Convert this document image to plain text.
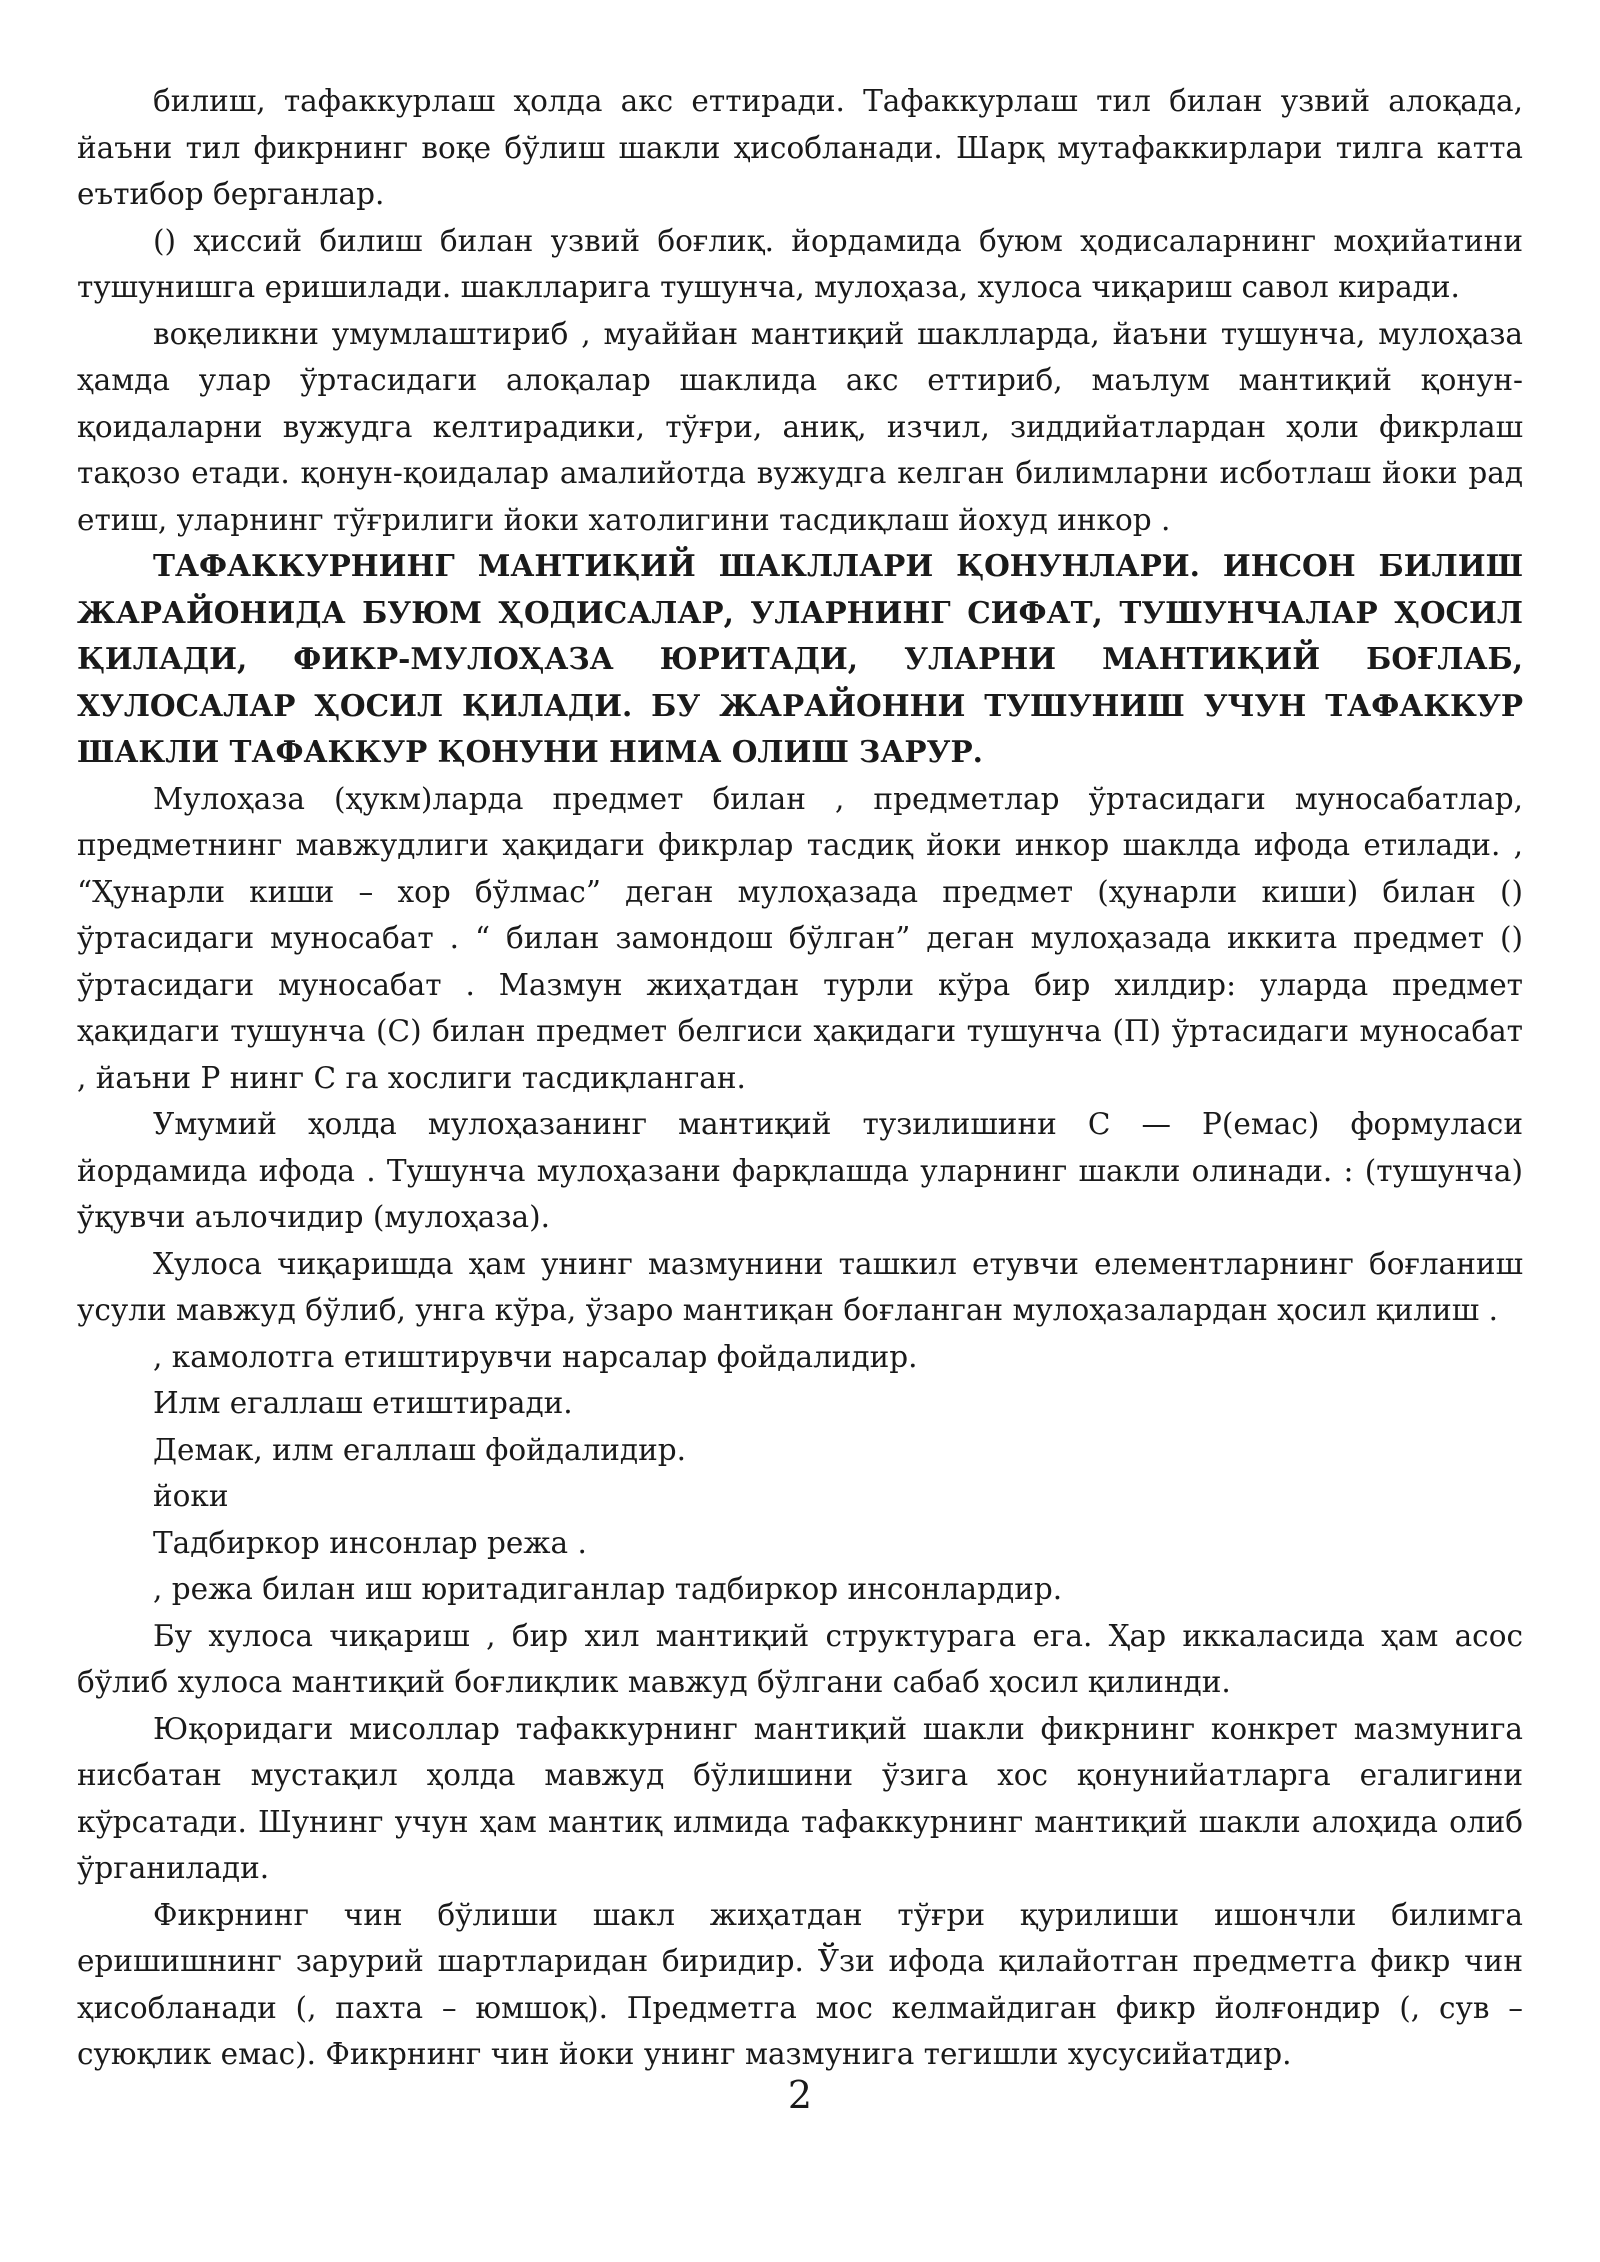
билиш, тафаккурлаш ҳолда акс еттиради. Тафаккурлаш тил билан узвий алоқада, йаъни тил фикрнинг воқе бўлиш шакли ҳисобланади. Шарқ мутафаккирлари тилга катта еътибор берганлар.

() ҳиссий билиш билан узвий боғлиқ. йордамида буюм ҳодисаларнинг моҳийатини тушунишга еришилади. шаклларига тушунча, мулоҳаза, хулоса чиқариш савол киради.

воқеликни умумлаштириб , муаййан мантиқий шаклларда, йаъни тушунча, мулоҳаза ҳамда улар ўртасидаги алоқалар шаклида акс еттириб, маълум мантиқий қонун-қоидаларни вужудга келтирадики, тўғри, аниқ, изчил, зиддийатлардан ҳоли фикрлаш тақозо етади. қонун-қоидалар амалийотда вужудга келган билимларни исботлаш йоки рад етиш, уларнинг тўғрилиги йоки хатолигини тасдиқлаш йохуд инкор .

ТАФАККУРНИНГ МАНТИҚИЙ ШАКЛЛАРИ ҚОНУНЛАРИ. ИНСОН БИЛИШ ЖАРАЙОНИДА БУЮМ ҲОДИСАЛАР, УЛАРНИНГ СИФАТ, ТУШУНЧАЛАР ҲОСИЛ ҚИЛАДИ, ФИКР-МУЛОҲАЗА ЮРИТАДИ, УЛАРНИ МАНТИҚИЙ БОҒЛАБ, ХУЛОСАЛАР ҲОСИЛ ҚИЛАДИ. БУ ЖАРАЙОННИ ТУШУНИШ УЧУН ТАФАККУР ШАКЛИ ТАФАККУР ҚОНУНИ НИМА ОЛИШ ЗАРУР.

Мулоҳаза (ҳукм)ларда предмет билан , предметлар ўртасидаги муносабатлар, предметнинг мавжудлиги ҳақидаги фикрлар тасдиқ йоки инкор шаклда ифода етилади. , “Ҳунарли киши – хор бўлмас” деган мулоҳазада предмет (ҳунарли киши) билан () ўртасидаги муносабат . “ билан замондош бўлган” деган мулоҳазада иккита предмет () ўртасидаги муносабат . Мазмун жиҳатдан турли кўра бир хилдир: уларда предмет ҳақидаги тушунча (С) билан предмет белгиси ҳақидаги тушунча (П) ўртасидаги муносабат , йаъни Р нинг С га хослиги тасдиқланган.

Умумий ҳолда мулоҳазанинг мантиқий тузилишини С — Р(емас) формуласи йордамида ифода . Тушунча мулоҳазани фарқлашда уларнинг шакли олинади. : (тушунча) ўқувчи аълочидир (мулоҳаза).

Хулоса чиқаришда ҳам унинг мазмунини ташкил етувчи елементларнинг боғланиш усули мавжуд бўлиб, унга кўра, ўзаро мантиқан боғланган мулоҳазалардан ҳосил қилиш .

, камолотга етиштирувчи нарсалар фойдалидир.

Илм егаллаш етиштиради.

Демак, илм егаллаш фойдалидир.

йоки

Тадбиркор инсонлар режа .

, режа билан иш юритадиганлар тадбиркор инсонлардир.

Бу хулоса чиқариш , бир хил мантиқий структурага ега. Ҳар иккаласида ҳам асос бўлиб хулоса мантиқий боғлиқлик мавжуд бўлгани сабаб ҳосил қилинди.

Юқоридаги мисоллар тафаккурнинг мантиқий шакли фикрнинг конкрет мазмунига нисбатан мустақил ҳолда мавжуд бўлишини ўзига хос қонунийатларга егалигини кўрсатади. Шунинг учун ҳам мантиқ илмида тафаккурнинг мантиқий шакли алоҳида олиб ўрганилади.

Фикрнинг чин бўлиши шакл жиҳатдан тўғри қурилиши ишончли билимга еришишнинг зарурий шартларидан биридир. Ўзи ифода қилайотган предметга фикр чин ҳисобланади (, пахта – юмшоқ). Предметга мос келмайдиган фикр йолғондир (, сув – суюқлик емас). Фикрнинг чин йоки унинг мазмунига тегишли хусусийатдир.

2
